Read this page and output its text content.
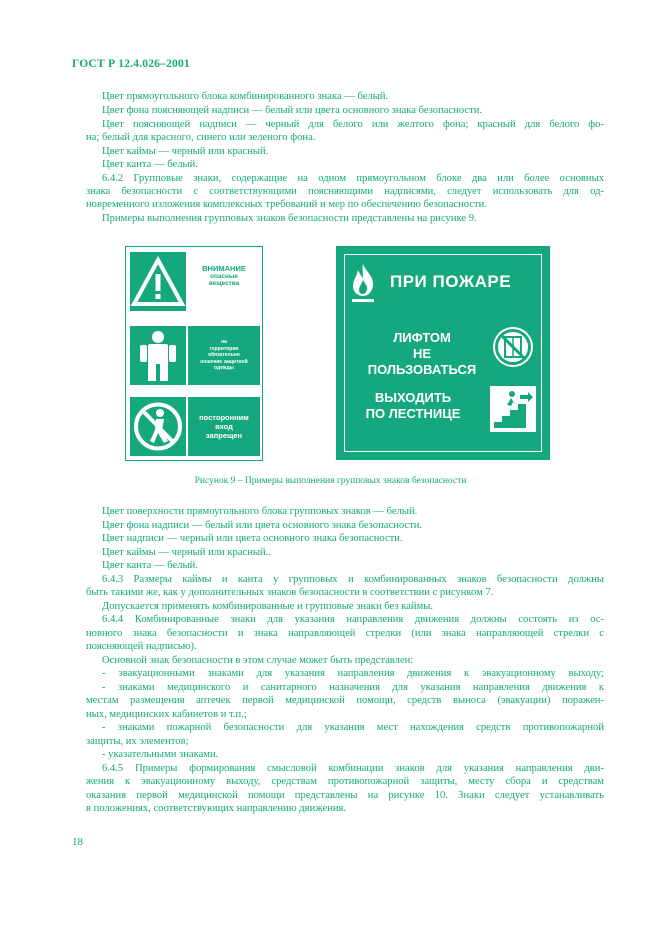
ГОСТ Р 12.4.026–2001
Цвет прямоугольного блока комбинированного знака — белый.
Цвет фона поясняющей надписи — белый или цвета основного знака безопасности.
Цвет поясняющей надписи — черный для белого или желтого фона; красный для белого фо-
на; белый для красного, синего или зеленого фона.
Цвет каймы — черный или красный.
Цвет канта — белый.
6.4.2 Групповые знаки, содержащие на одном прямоугольном блоке два или более основных
знака безопасности с соответствующими поясняющими надписями, следует использовать для од-
новременного изложения комплексных требований и мер по обеспечению безопасности.
Примеры выполнения групповых знаков безопасности представлены на рисунке 9.
ВНИМАНИЕ
опасные
вещества
на
территории
обязательно
ношение защитной
одежды
посторонним
вход
запрещен
ПРИ ПОЖАРЕ
ЛИФТОМ
НЕ ПОЛЬЗОВАТЬСЯ
ВЫХОДИТЬ
ПО ЛЕСТНИЦЕ
Рисунок 9 – Примеры выполнения групповых знаков безопасности
Цвет поверхности прямоугольного блока групповых знаков — белый.
Цвет фона надписи — белый или цвета основного знака безопасности.
Цвет надписи — черный или цвета основного знака безопасности.
Цвет каймы — черный или красный..
Цвет канта — белый.
6.4.3 Размеры каймы и канта у групповых и комбинированных знаков безопасности должны
быть такими же, как у дополнительных знаков безопасности в соответствии с рисунком 7.
Допускается применять комбинированные и групповые знаки без каймы.
6.4.4 Комбинированные знаки для указания направления движения должны состоять из ос-
новного знака безопасности и знака направляющей стрелки (или знака направляющей стрелки с
поясняющей надписью).
Основной знак безопасности в этом случае может быть представлен:
- эвакуационными знаками для указания направления движения к эвакуационному выходу;
- знаками медицинского и санитарного назначения для указания направления движения к
местам размещения аптечек первой медицинской помощи, средств выноса (эвакуации) поражен-
ных, медицинских кабинетов и т.п.;
- знаками пожарной безопасности для указания мест нахождения средств противопожарной
защиты, их элементов;
- указательными знаками.
6.4.5 Примеры формирования смысловой комбинации знаков для указания направления дви-
жения к эвакуационному выходу, средствам противопожарной защиты, месту сбора и средствам
оказания первой медицинской помощи представлены на рисунке 10. Знаки следует устанавливать
в положениях, соответствующих направлению движения.
18
